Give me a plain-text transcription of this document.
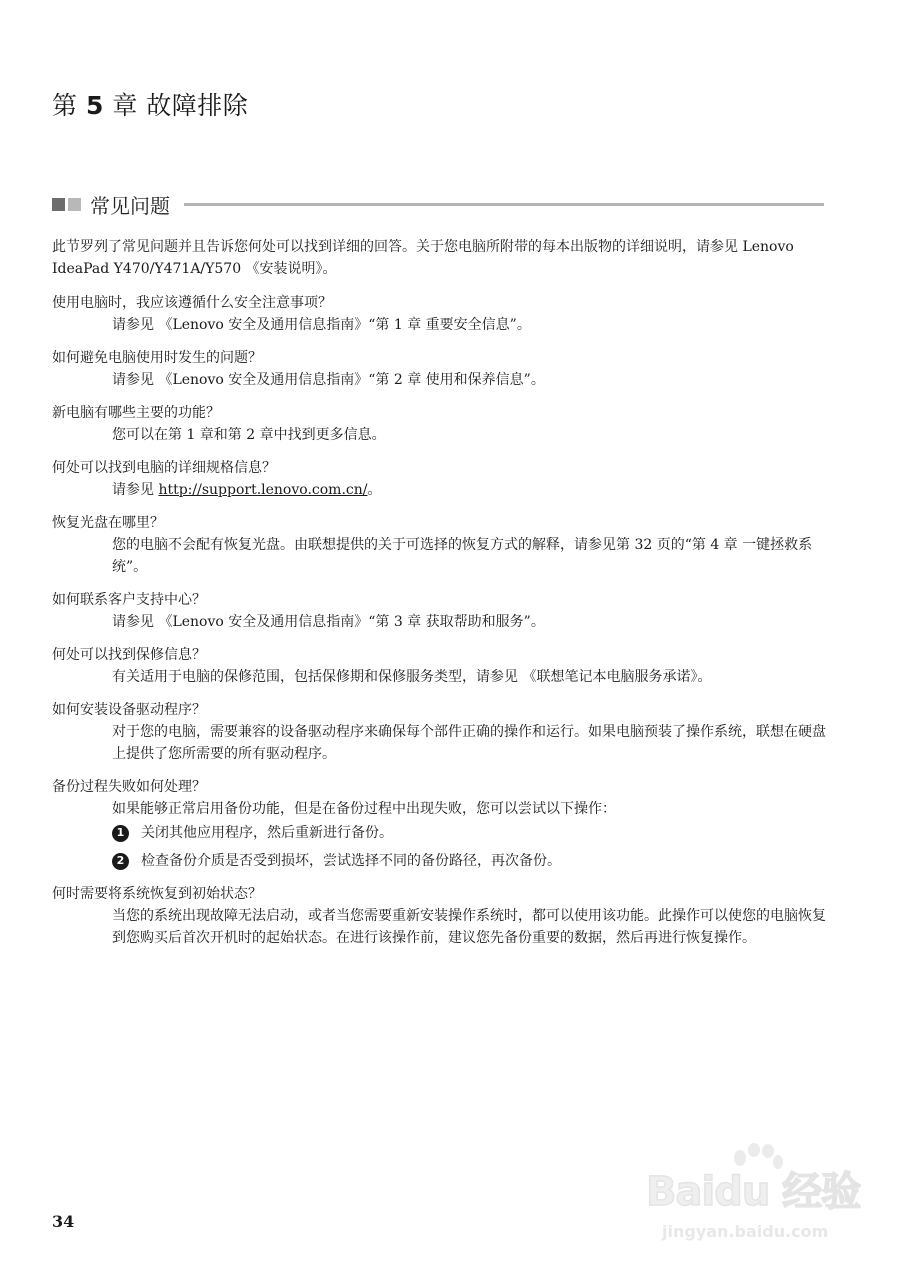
第 5 章 故障排除
常见问题

此节罗列了常见问题并且告诉您何处可以找到详细的回答。关于您电脑所附带的每本出版物的详细说明，请参见 Lenovo IdeaPad Y470/Y471A/Y570 《安装说明》。

使用电脑时，我应该遵循什么安全注意事项？

请参见 《Lenovo 安全及通用信息指南》“第 1 章 重要安全信息”。

如何避免电脑使用时发生的问题？

请参见 《Lenovo 安全及通用信息指南》“第 2 章 使用和保养信息”。

新电脑有哪些主要的功能？

您可以在第 1 章和第 2 章中找到更多信息。

何处可以找到电脑的详细规格信息？

请参见 http://support.lenovo.com.cn/。

恢复光盘在哪里？

您的电脑不会配有恢复光盘。由联想提供的关于可选择的恢复方式的解释，请参见第 32 页的“第 4 章 一键拯救系统”。

如何联系客户支持中心？

请参见 《Lenovo 安全及通用信息指南》“第 3 章 获取帮助和服务”。

何处可以找到保修信息？

有关适用于电脑的保修范围，包括保修期和保修服务类型，请参见 《联想笔记本电脑服务承诺》。

如何安装设备驱动程序？

对于您的电脑，需要兼容的设备驱动程序来确保每个部件正确的操作和运行。如果电脑预装了操作系统，联想在硬盘上提供了您所需要的所有驱动程序。

备份过程失败如何处理？

如果能够正常启用备份功能，但是在备份过程中出现失败，您可以尝试以下操作：

1	关闭其他应用程序，然后重新进行备份。
2	检查备份介质是否受到损坏，尝试选择不同的备份路径，再次备份。

何时需要将系统恢复到初始状态？

当您的系统出现故障无法启动，或者当您需要重新安装操作系统时，都可以使用该功能。此操作可以使您的电脑恢复到您购买后首次开机时的起始状态。在进行该操作前，建议您先备份重要的数据，然后再进行恢复操作。

34
Baidu 经验
jingyan.baidu.com
